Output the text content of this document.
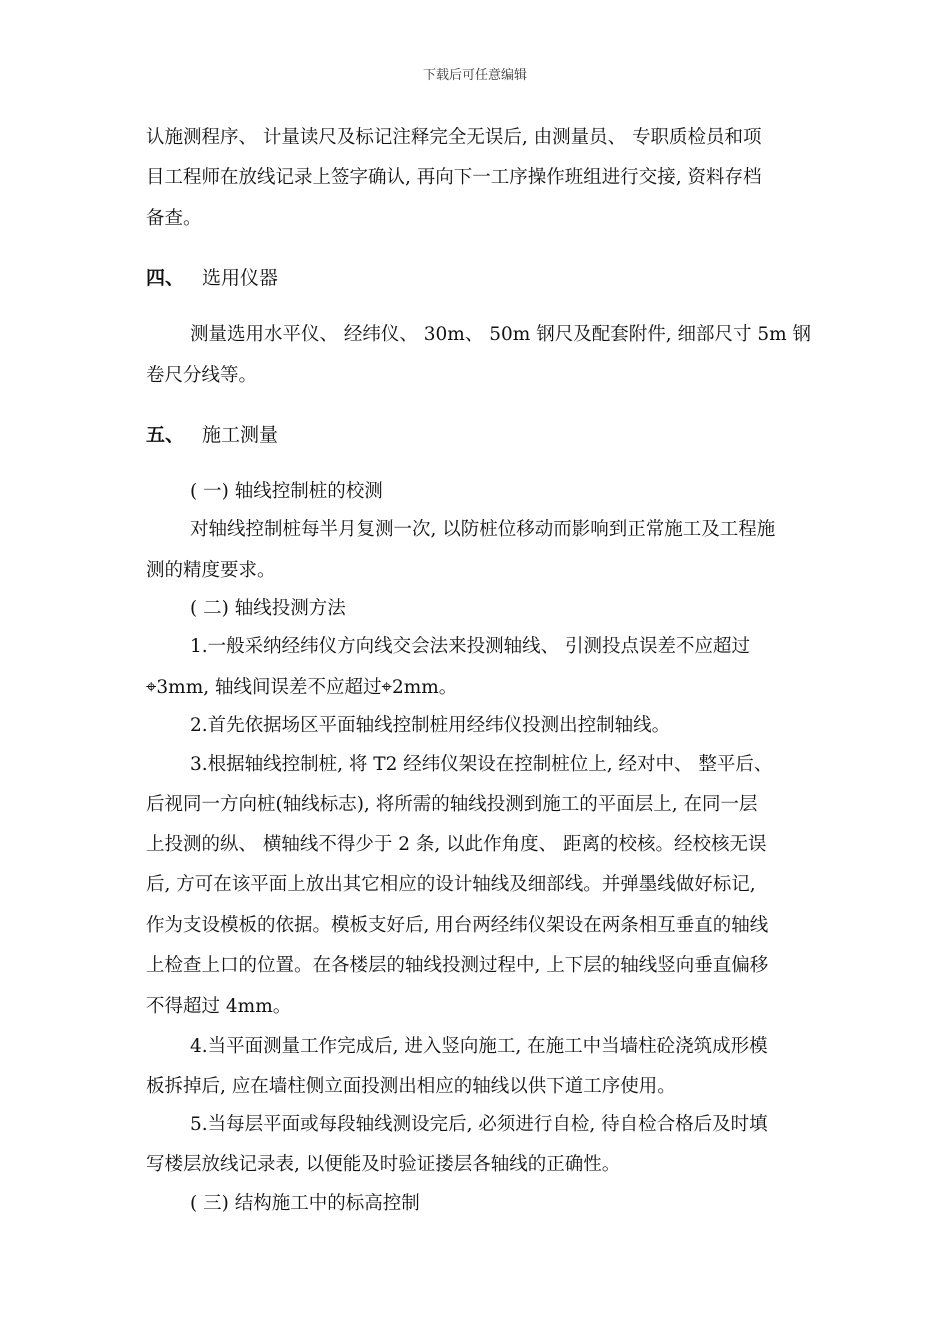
下载后可任意编辑
认施测程序、 计量读尺及标记注释完全无误后, 由测量员、 专职质检员和项
目工程师在放线记录上签字确认, 再向下一工序操作班组进行交接, 资料存档
备查。
四、 选用仪器
测量选用水平仪、 经纬仪、 30m、 50m 钢尺及配套附件, 细部尺寸 5m 钢
卷尺分线等。
五、 施工测量
( 一) 轴线控制桩的校测
对轴线控制桩每半月复测一次, 以防桩位移动而影响到正常施工及工程施
测的精度要求。
( 二) 轴线投测方法
1.一般采纳经纬仪方向线交会法来投测轴线、 引测投点误差不应超过
⌖3mm, 轴线间误差不应超过⌖2mm。
2.首先依据场区平面轴线控制桩用经纬仪投测出控制轴线。
3.根据轴线控制桩, 将 T2 经纬仪架设在控制桩位上, 经对中、 整平后、
后视同一方向桩(轴线标志), 将所需的轴线投测到施工的平面层上, 在同一层
上投测的纵、 横轴线不得少于 2 条, 以此作角度、 距离的校核。经校核无误
后, 方可在该平面上放出其它相应的设计轴线及细部线。并弹墨线做好标记,
作为支设模板的依据。模板支好后, 用台两经纬仪架设在两条相互垂直的轴线
上检查上口的位置。在各楼层的轴线投测过程中, 上下层的轴线竖向垂直偏移
不得超过 4mm。
4.当平面测量工作完成后, 进入竖向施工, 在施工中当墙柱砼浇筑成形模
板拆掉后, 应在墙柱侧立面投测出相应的轴线以供下道工序使用。
5.当每层平面或每段轴线测设完后, 必须进行自检, 待自检合格后及时填
写楼层放线记录表, 以便能及时验证搂层各轴线的正确性。
( 三) 结构施工中的标高控制
